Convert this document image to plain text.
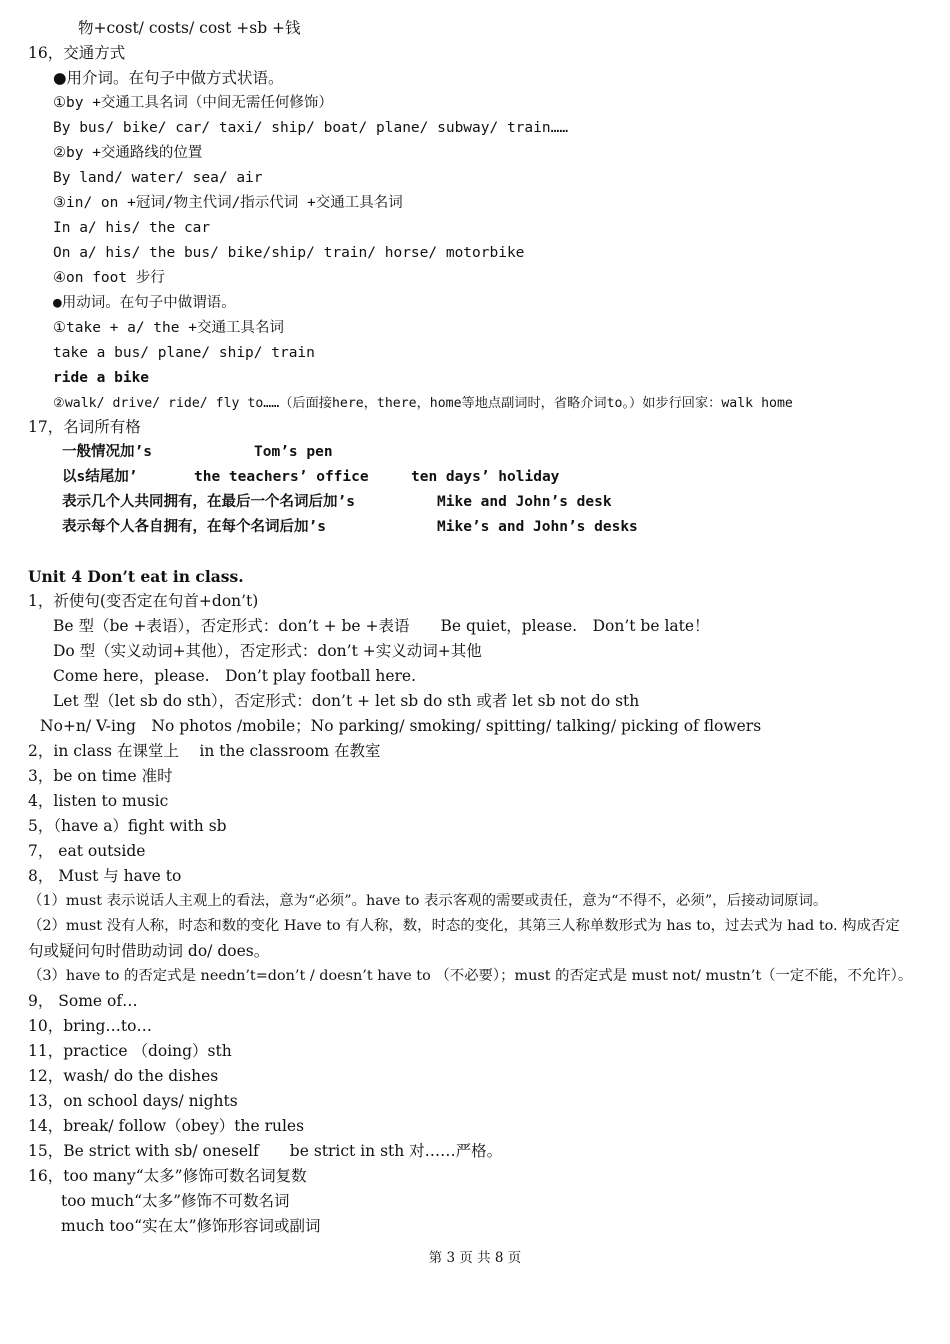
物+cost/ costs/ cost +sb +钱
16，交通方式
●用介词。在句子中做方式状语。
①by +交通工具名词（中间无需任何修饰）
By bus/ bike/ car/ taxi/ ship/ boat/ plane/ subway/ train……
②by +交通路线的位置
By land/ water/ sea/ air
③in/ on +冠词/物主代词/指示代词 +交通工具名词
In a/ his/ the car
On a/ his/ the bus/ bike/ship/ train/ horse/ motorbike
④on foot 步行
●用动词。在句子中做谓语。
①take + a/ the +交通工具名词
take a bus/ plane/ ship/ train
ride a bike
②walk/ drive/ ride/ fly to……（后面接here，there，home等地点副词时，省略介词to。）如步行回家：walk home
17，名词所有格
一般情况加’s	Tom’s pen
以s结尾加’	the teachers’ office	ten days’ holiday
表示几个人共同拥有，在最后一个名词后加’s	Mike and John’s desk
表示每个人各自拥有，在每个名词后加’s	Mike’s and John’s desks
Unit 4 Don’t eat in class.
1，祈使句(变否定在句首+don’t)
Be 型（be +表语），否定形式：don’t + be +表语　　Be quiet，please.　Don’t be late！
Do 型（实义动词+其他），否定形式：don’t +实义动词+其他
Come here，please.　Don’t play football here.
Let 型（let sb do sth），否定形式：don’t + let sb do sth 或者 let sb not do sth
No+n/ V-ing　No photos /mobile；No parking/ smoking/ spitting/ talking/ picking of flowers
2，in class 在课堂上　 in the classroom 在教室
3，be on time 准时
4，listen to music
5，（have a）fight with sb
7， eat outside
8， Must 与 have to
（1）must 表示说话人主观上的看法，意为“必须”。have to 表示客观的需要或责任，意为“不得不，必须”，后接动词原词。
（2）must 没有人称，时态和数的变化 Have to 有人称，数，时态的变化，其第三人称单数形式为 has to，过去式为 had to. 构成否定
句或疑问句时借助动词 do/ does。
（3）have to 的否定式是 needn’t=don’t / doesn’t have to （不必要）；must 的否定式是 must not/ mustn’t（一定不能，不允许）。
9， Some of…
10，bring…to…
11，practice （doing）sth
12，wash/ do the dishes
13，on school days/ nights
14，break/ follow（obey）the rules
15，Be strict with sb/ oneself　　be strict in sth 对……严格。
16，too many“太多”修饰可数名词复数
too much“太多”修饰不可数名词
much too“实在太”修饰形容词或副词
第 3 页 共 8 页
